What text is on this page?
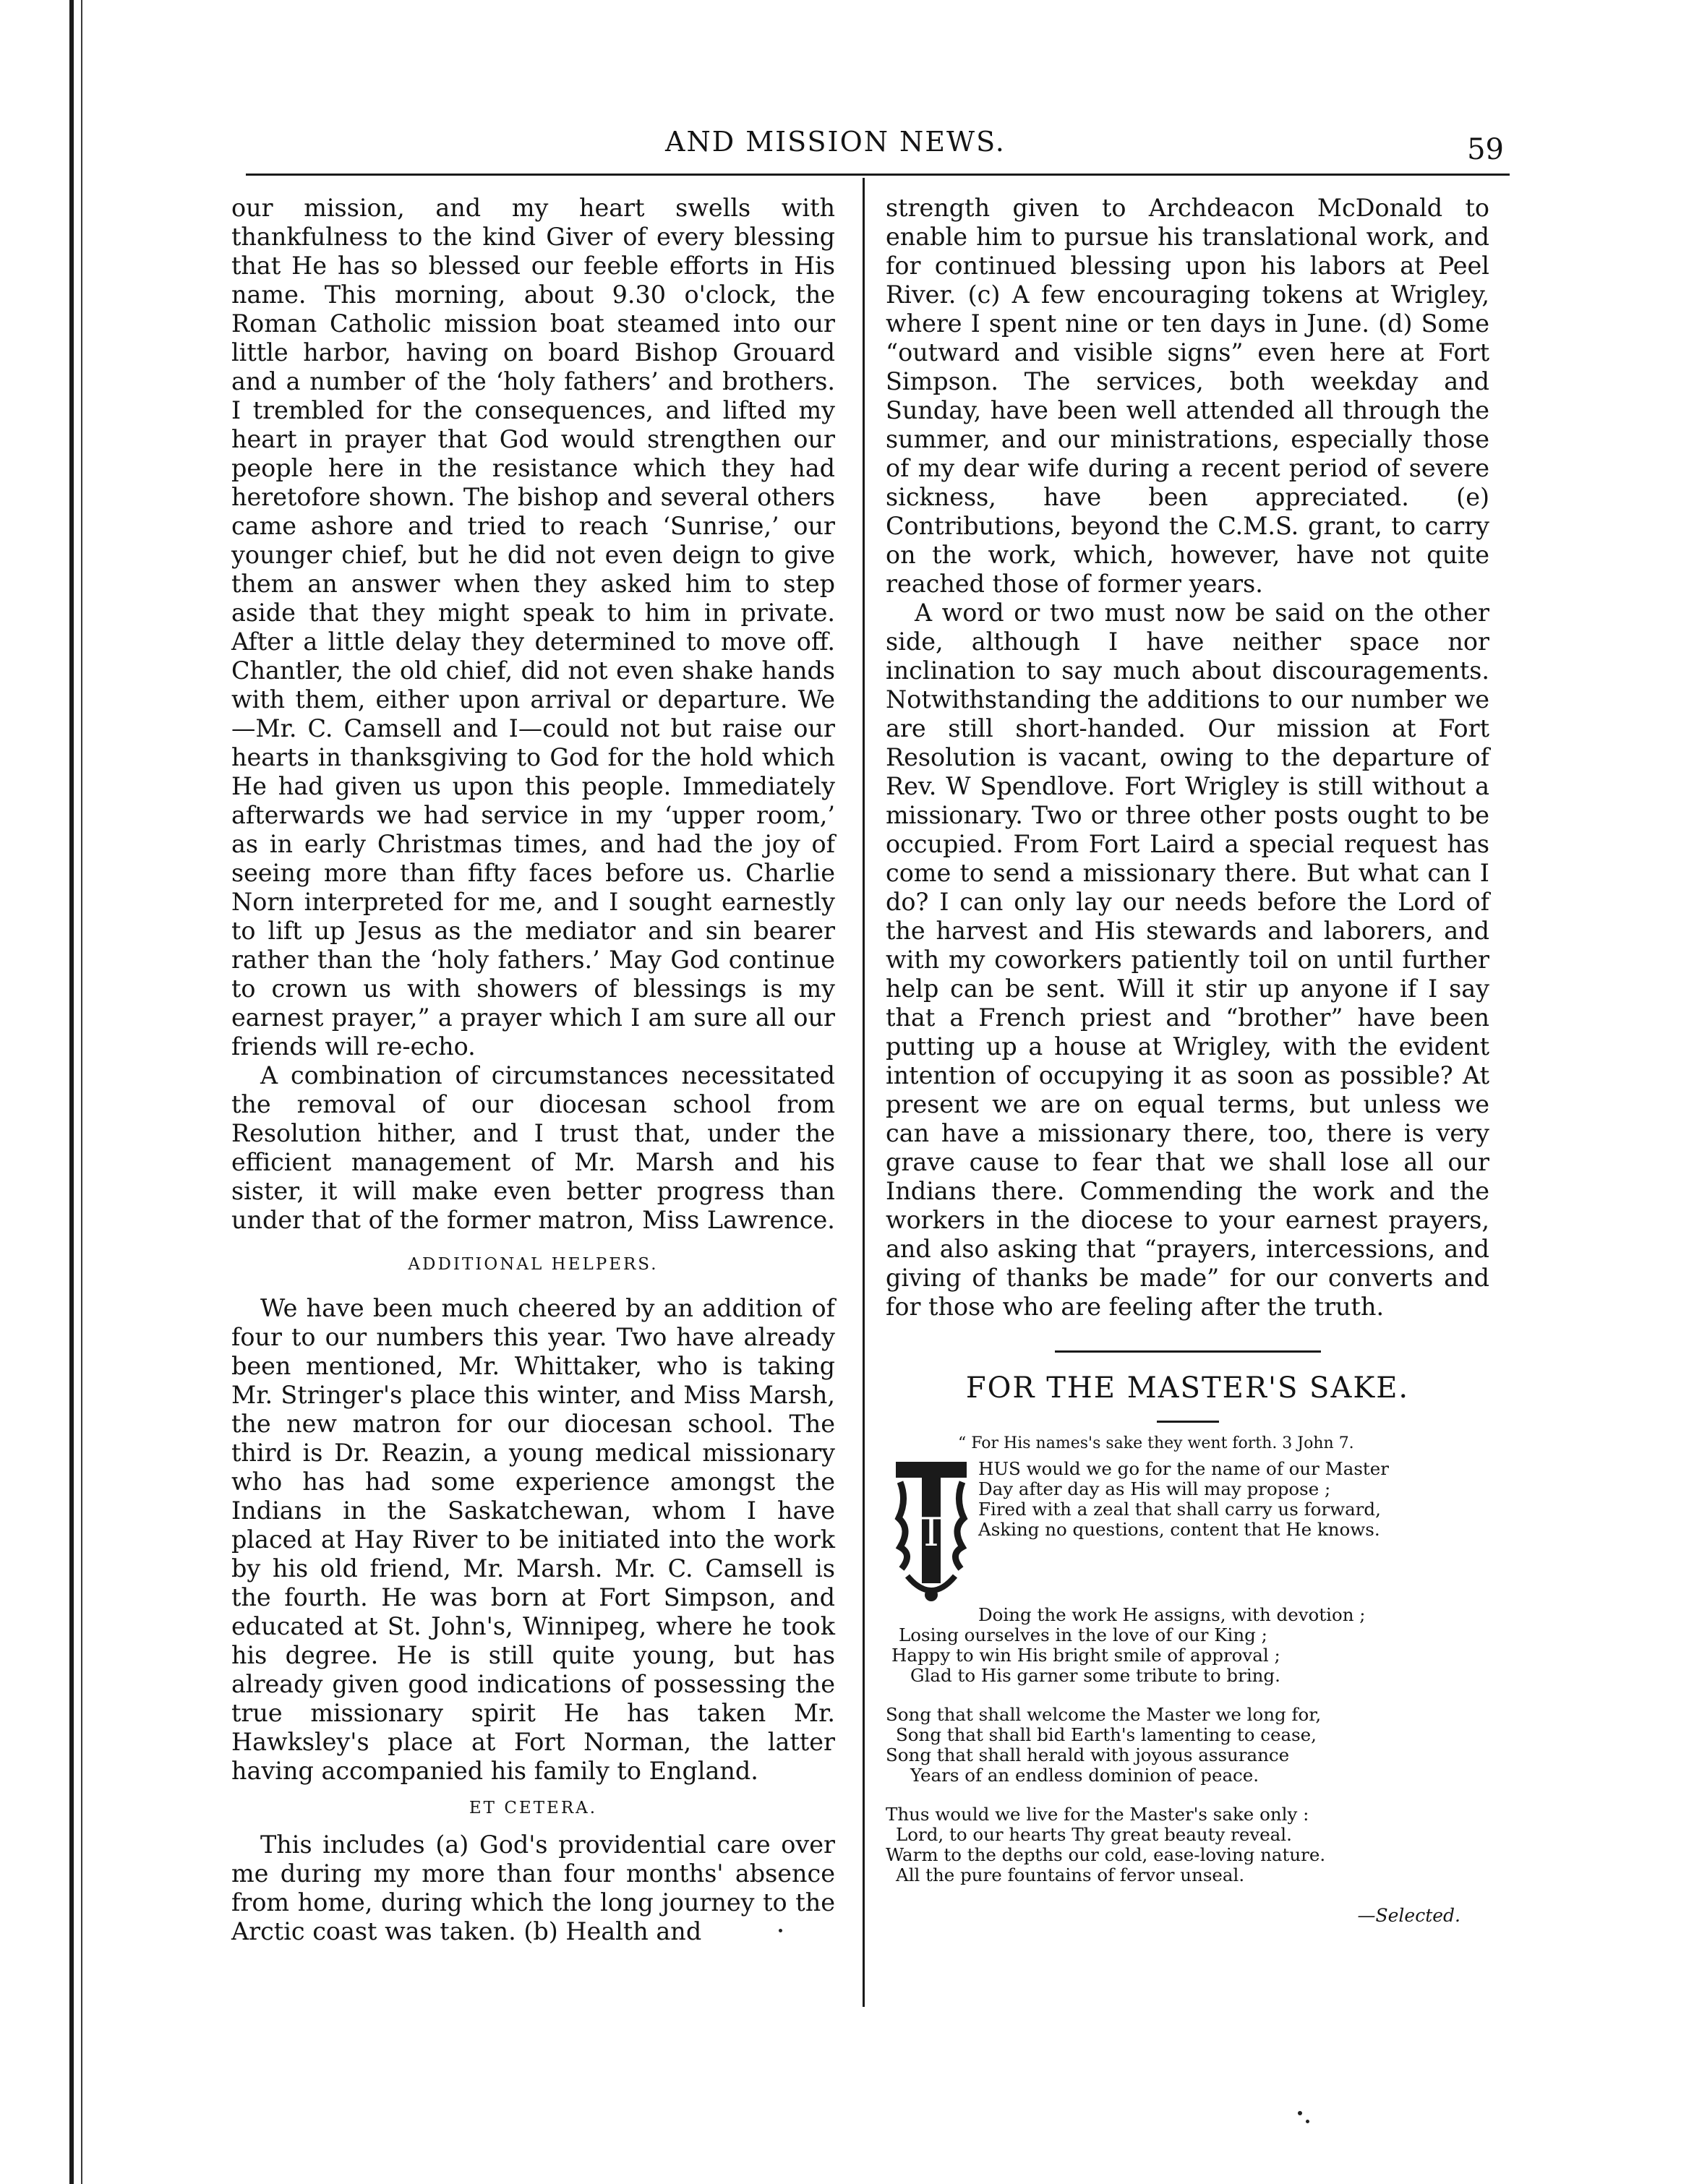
AND MISSION NEWS.	59

our mission, and my heart swells with thankfulness to the kind Giver of every blessing that He has so blessed our feeble efforts in His name. This morning, about 9.30 o'clock, the Roman Catholic mission boat steamed into our little harbor, having on board Bishop Grouard and a number of the ‘holy fathers’ and brothers. I trembled for the consequences, and lifted my heart in prayer that God would strengthen our people here in the resistance which they had heretofore shown. The bishop and several others came ashore and tried to reach ‘Sunrise,’ our younger chief, but he did not even deign to give them an answer when they asked him to step aside that they might speak to him in private. After a little delay they determined to move off. Chantler, the old chief, did not even shake hands with them, either upon arrival or departure. We—Mr. C. Camsell and I—could not but raise our hearts in thanksgiving to God for the hold which He had given us upon this people. Immediately afterwards we had service in my ‘upper room,’ as in early Christmas times, and had the joy of seeing more than fifty faces before us. Charlie Norn interpreted for me, and I sought earnestly to lift up Jesus as the mediator and sin bearer rather than the ‘holy fathers.’ May God continue to crown us with showers of blessings is my earnest prayer,” a prayer which I am sure all our friends will re-echo.

A combination of circumstances necessitated the removal of our diocesan school from Resolution hither, and I trust that, under the efficient management of Mr. Marsh and his sister, it will make even better progress than under that of the former matron, Miss Lawrence.

ADDITIONAL HELPERS.

We have been much cheered by an addition of four to our numbers this year. Two have already been mentioned, Mr. Whittaker, who is taking Mr. Stringer's place this winter, and Miss Marsh, the new matron for our diocesan school. The third is Dr. Reazin, a young medical missionary who has had some experience amongst the Indians in the Saskatchewan, whom I have placed at Hay River to be initiated into the work by his old friend, Mr. Marsh. Mr. C. Camsell is the fourth. He was born at Fort Simpson, and educated at St. John's, Winnipeg, where he took his degree. He is still quite young, but has already given good indications of possessing the true missionary spirit He has taken Mr. Hawksley's place at Fort Norman, the latter having accompanied his family to England.

ET CETERA.

This includes (a) God's providential care over me during my more than four months' absence from home, during which the long journey to the Arctic coast was taken. (b) Health and

strength given to Archdeacon McDonald to enable him to pursue his translational work, and for continued blessing upon his labors at Peel River. (c) A few encouraging tokens at Wrigley, where I spent nine or ten days in June. (d) Some “outward and visible signs” even here at Fort Simpson. The services, both weekday and Sunday, have been well attended all through the summer, and our ministrations, especially those of my dear wife during a recent period of severe sickness, have been appreciated. (e) Contributions, beyond the C.M.S. grant, to carry on the work, which, however, have not quite reached those of former years.

A word or two must now be said on the other side, although I have neither space nor inclination to say much about discouragements. Notwithstanding the additions to our number we are still short-handed. Our mission at Fort Resolution is vacant, owing to the departure of Rev. W Spendlove. Fort Wrigley is still without a missionary. Two or three other posts ought to be occupied. From Fort Laird a special request has come to send a missionary there. But what can I do? I can only lay our needs before the Lord of the harvest and His stewards and laborers, and with my coworkers patiently toil on until further help can be sent. Will it stir up anyone if I say that a French priest and “brother” have been putting up a house at Wrigley, with the evident intention of occupying it as soon as possible? At present we are on equal terms, but unless we can have a missionary there, too, there is very grave cause to fear that we shall lose all our Indians there. Commending the work and the workers in the diocese to your earnest prayers, and also asking that “prayers, intercessions, and giving of thanks be made” for our converts and for those who are feeling after the truth.

FOR THE MASTER'S SAKE.
“ For His names's sake they went forth. 3 John 7.
T
HUS would we go for the name of our Master
Day after day as His will may propose ;
Fired with a zeal that shall carry us forward,
Asking no questions, content that He knows.
Doing the work He assigns, with devotion ;
Losing ourselves in the love of our King ;
Happy to win His bright smile of approval ;
Glad to His garner some tribute to bring.
Song that shall welcome the Master we long for,
Song that shall bid Earth's lamenting to cease,
Song that shall herald with joyous assurance
Years of an endless dominion of peace.
Thus would we live for the Master's sake only :
Lord, to our hearts Thy great beauty reveal.
Warm to the depths our cold, ease-loving nature.
All the pure fountains of fervor unseal.
—Selected.
